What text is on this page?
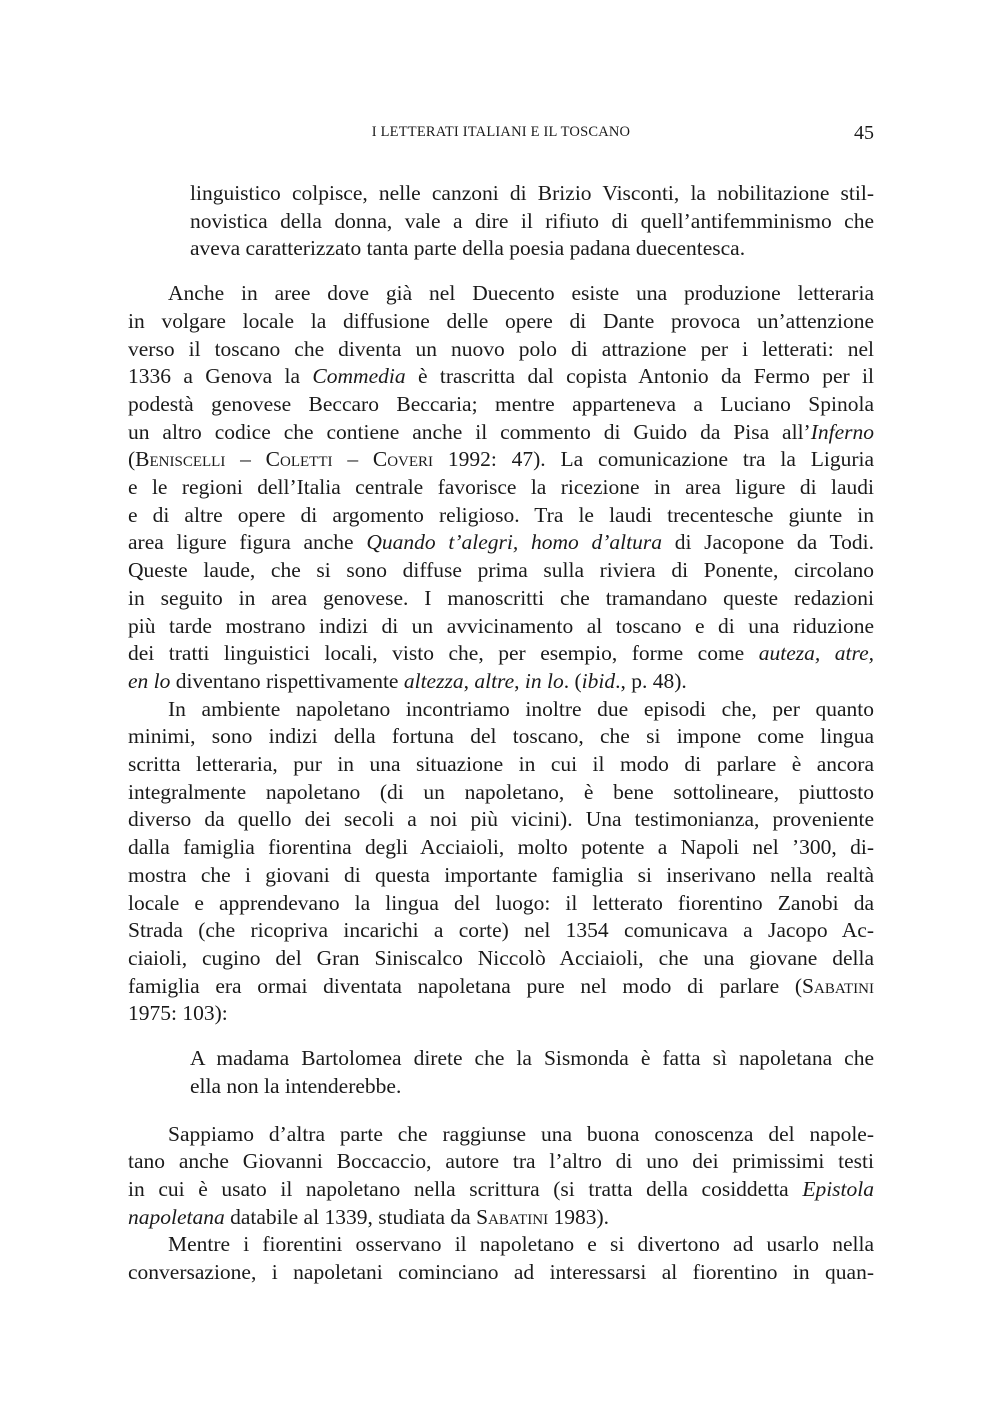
I LETTERATI ITALIANI E IL TOSCANO	45

linguistico colpisce, nelle canzoni di Brizio Visconti, la nobilitazione stil-
novistica della donna, vale a dire il rifiuto di quell’antifemminismo che
aveva caratterizzato tanta parte della poesia padana duecentesca.

Anche in aree dove già nel Duecento esiste una produzione letteraria
in volgare locale la diffusione delle opere di Dante provoca un’attenzione
verso il toscano che diventa un nuovo polo di attrazione per i letterati: nel
1336 a Genova la Commedia è trascritta dal copista Antonio da Fermo per il
podestà genovese Beccaro Beccaria; mentre apparteneva a Luciano Spinola
un altro codice che contiene anche il commento di Guido da Pisa all’Inferno
(Beniscelli – Coletti – Coveri 1992: 47). La comunicazione tra la Liguria
e le regioni dell’Italia centrale favorisce la ricezione in area ligure di laudi
e di altre opere di argomento religioso. Tra le laudi trecentesche giunte in
area ligure figura anche Quando t’alegri, homo d’altura di Jacopone da Todi.
Queste laude, che si sono diffuse prima sulla riviera di Ponente, circolano
in seguito in area genovese. I manoscritti che tramandano queste redazioni
più tarde mostrano indizi di un avvicinamento al toscano e di una riduzione
dei tratti linguistici locali, visto che, per esempio, forme come auteza, atre,
en lo diventano rispettivamente altezza, altre, in lo. (ibid., p. 48).

In ambiente napoletano incontriamo inoltre due episodi che, per quanto
minimi, sono indizi della fortuna del toscano, che si impone come lingua
scritta letteraria, pur in una situazione in cui il modo di parlare è ancora
integralmente napoletano (di un napoletano, è bene sottolineare, piuttosto
diverso da quello dei secoli a noi più vicini). Una testimonianza, proveniente
dalla famiglia fiorentina degli Acciaioli, molto potente a Napoli nel ’300, di-
mostra che i giovani di questa importante famiglia si inserivano nella realtà
locale e apprendevano la lingua del luogo: il letterato fiorentino Zanobi da
Strada (che ricopriva incarichi a corte) nel 1354 comunicava a Jacopo Ac-
ciaioli, cugino del Gran Siniscalco Niccolò Acciaioli, che una giovane della
famiglia era ormai diventata napoletana pure nel modo di parlare (Sabatini
1975: 103):

A madama Bartolomea direte che la Sismonda è fatta sì napoletana che
ella non la intenderebbe.

Sappiamo d’altra parte che raggiunse una buona conoscenza del napole-
tano anche Giovanni Boccaccio, autore tra l’altro di uno dei primissimi testi
in cui è usato il napoletano nella scrittura (si tratta della cosiddetta Epistola
napoletana databile al 1339, studiata da Sabatini 1983).

Mentre i fiorentini osservano il napoletano e si divertono ad usarlo nella
conversazione, i napoletani cominciano ad interessarsi al fiorentino in quan-
